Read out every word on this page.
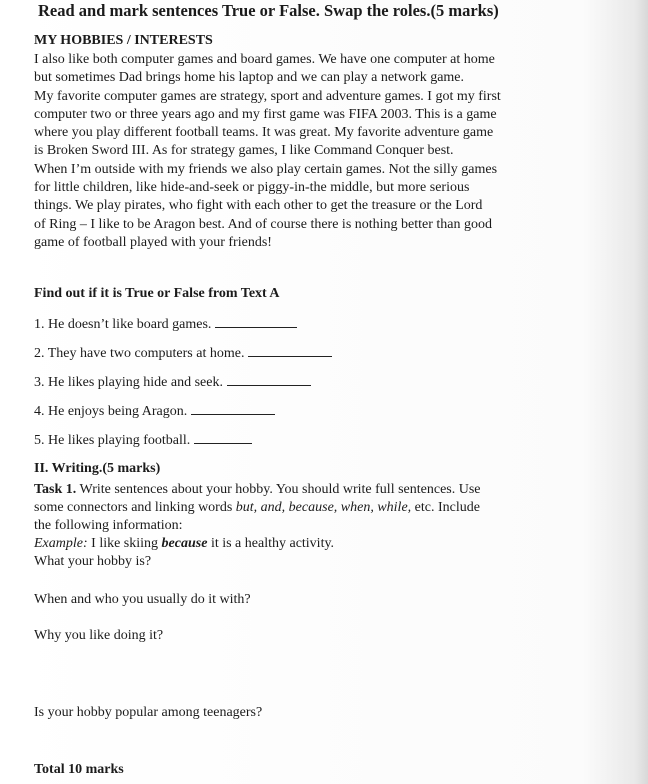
Read and mark sentences True or False. Swap the roles.(5 marks)
MY HOBBIES / INTERESTS
I also like both computer games and board games. We have one computer at home
but sometimes Dad brings home his laptop and we can play a network game.
My favorite computer games are strategy, sport and adventure games. I got my first
computer two or three years ago and my first game was FIFA 2003. This is a game
where you play different football teams. It was great. My favorite adventure game
is Broken Sword III. As for strategy games, I like Command Conquer best.
When I’m outside with my friends we also play certain games. Not the silly games
for little children, like hide-and-seek or piggy-in-the middle, but more serious
things. We play pirates, who fight with each other to get the treasure or the Lord
of Ring – I like to be Aragon best. And of course there is nothing better than good
game of football played with your friends!
Find out if it is True or False from Text A
1. He doesn’t like board games.
2. They have two computers at home.
3. He likes playing hide and seek.
4. He enjoys being Aragon.
5. He likes playing football.
II. Writing.(5 marks)
Task 1. Write sentences about your hobby. You should write full sentences. Use
some connectors and linking words but, and, because, when, while, etc. Include
the following information:
Example: I like skiing because it is a healthy activity.
What your hobby is?
When and who you usually do it with?
Why you like doing it?
Is your hobby popular among teenagers?
Total 10 marks
